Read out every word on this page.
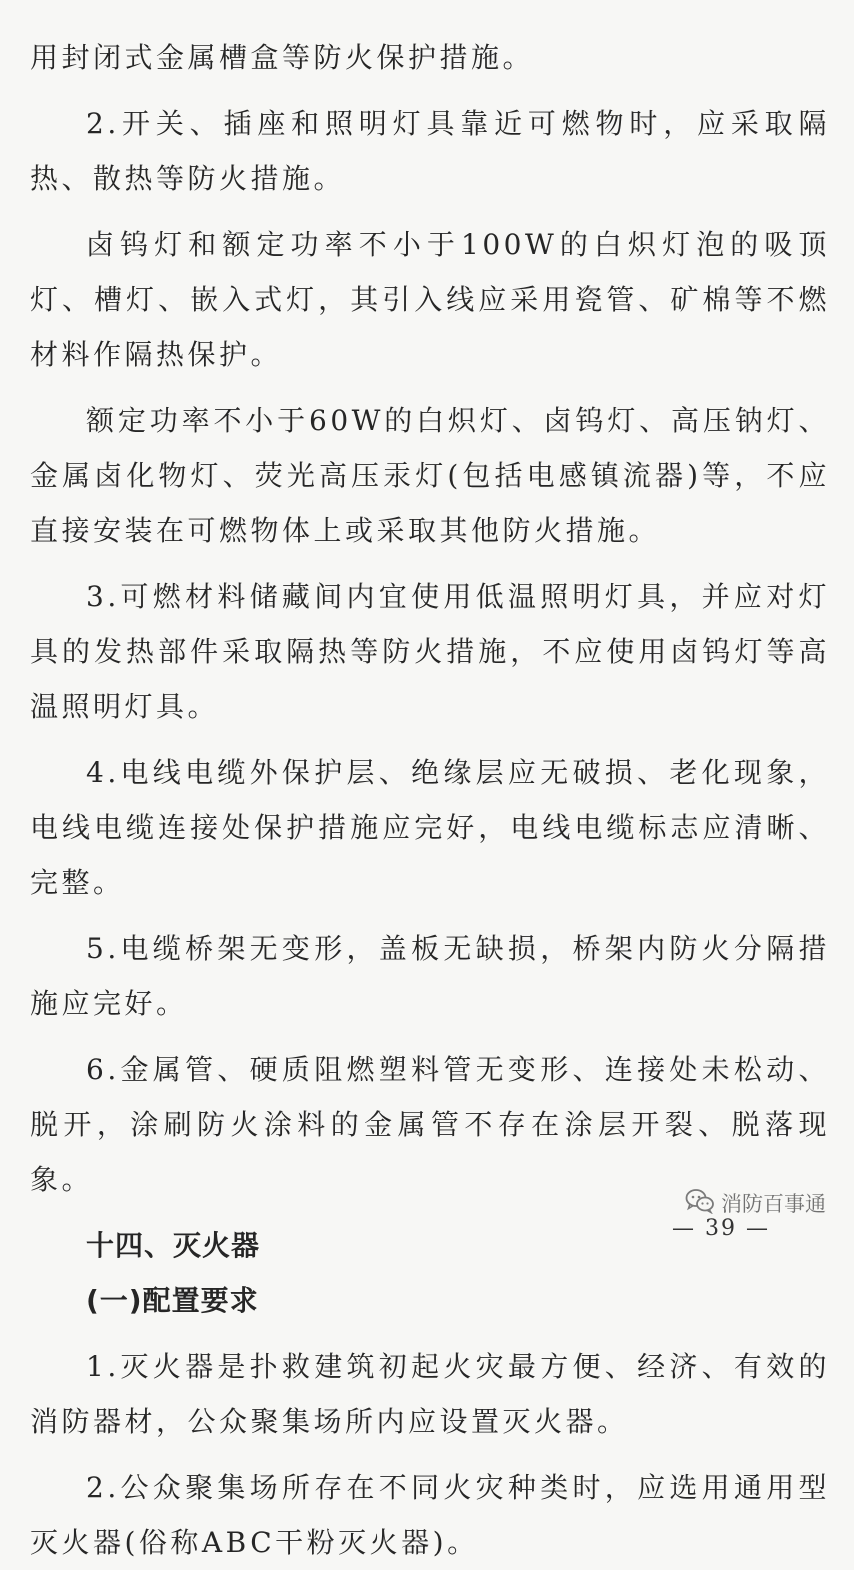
用封闭式金属槽盒等防火保护措施。

2.开关、插座和照明灯具靠近可燃物时，应采取隔热、散热等防火措施。

卤钨灯和额定功率不小于100W的白炽灯泡的吸顶灯、槽灯、嵌入式灯，其引入线应采用瓷管、矿棉等不燃材料作隔热保护。

额定功率不小于60W的白炽灯、卤钨灯、高压钠灯、金属卤化物灯、荧光高压汞灯(包括电感镇流器)等，不应直接安装在可燃物体上或采取其他防火措施。

3.可燃材料储藏间内宜使用低温照明灯具，并应对灯具的发热部件采取隔热等防火措施，不应使用卤钨灯等高温照明灯具。

4.电线电缆外保护层、绝缘层应无破损、老化现象，电线电缆连接处保护措施应完好，电线电缆标志应清晰、完整。

5.电缆桥架无变形，盖板无缺损，桥架内防火分隔措施应完好。

6.金属管、硬质阻燃塑料管无变形、连接处未松动、脱开，涂刷防火涂料的金属管不存在涂层开裂、脱落现象。

十四、灭火器

(一)配置要求

1.灭火器是扑救建筑初起火灾最方便、经济、有效的消防器材，公众聚集场所内应设置灭火器。

2.公众聚集场所存在不同火灾种类时，应选用通用型灭火器(俗称ABC干粉灭火器)。

消防百事通
— 39 —
